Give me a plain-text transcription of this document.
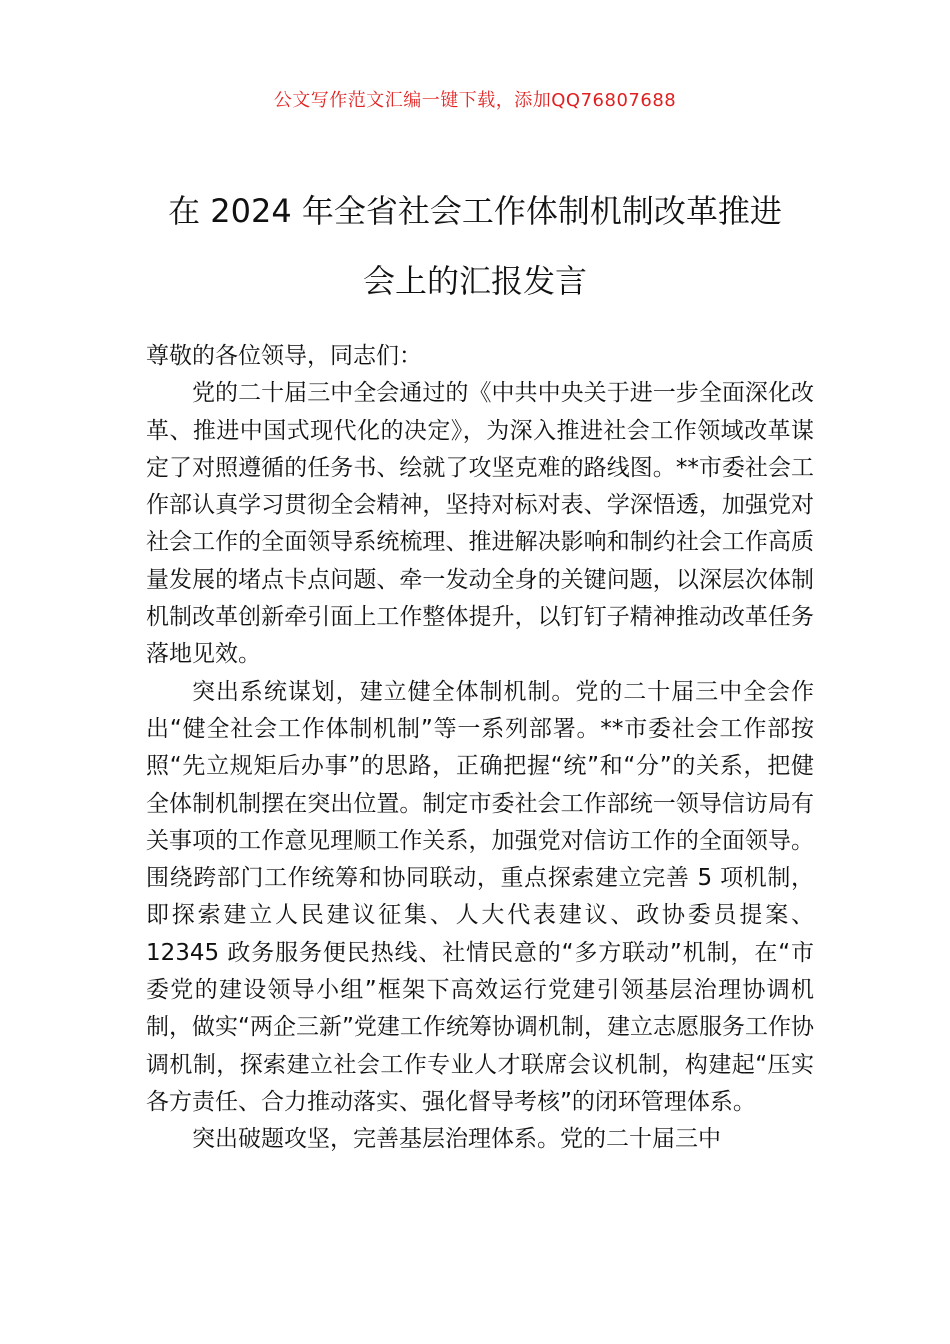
公文写作范文汇编一键下载，添加QQ76807688
在 2024 年全省社会工作体制机制改革推进
会上的汇报发言

尊敬的各位领导，同志们：

党的二十届三中全会通过的《中共中央关于进一步全面深化改革、推进中国式现代化的决定》，为深入推进社会工作领域改革谋定了对照遵循的任务书、绘就了攻坚克难的路线图。**市委社会工作部认真学习贯彻全会精神，坚持对标对表、学深悟透，加强党对社会工作的全面领导系统梳理、推进解决影响和制约社会工作高质量发展的堵点卡点问题、牵一发动全身的关键问题，以深层次体制机制改革创新牵引面上工作整体提升，以钉钉子精神推动改革任务落地见效。

突出系统谋划，建立健全体制机制。党的二十届三中全会作出“健全社会工作体制机制”等一系列部署。**市委社会工作部按照“先立规矩后办事”的思路，正确把握“统”和“分”的关系，把健全体制机制摆在突出位置。制定市委社会工作部统一领导信访局有关事项的工作意见理顺工作关系，加强党对信访工作的全面领导。围绕跨部门工作统筹和协同联动，重点探索建立完善 5 项机制，即探索建立人民建议征集、人大代表建议、政协委员提案、12345 政务服务便民热线、社情民意的“多方联动”机制，在“市委党的建设领导小组”框架下高效运行党建引领基层治理协调机制，做实“两企三新”党建工作统筹协调机制，建立志愿服务工作协调机制，探索建立社会工作专业人才联席会议机制，构建起“压实各方责任、合力推动落实、强化督导考核”的闭环管理体系。

突出破题攻坚，完善基层治理体系。党的二十届三中
